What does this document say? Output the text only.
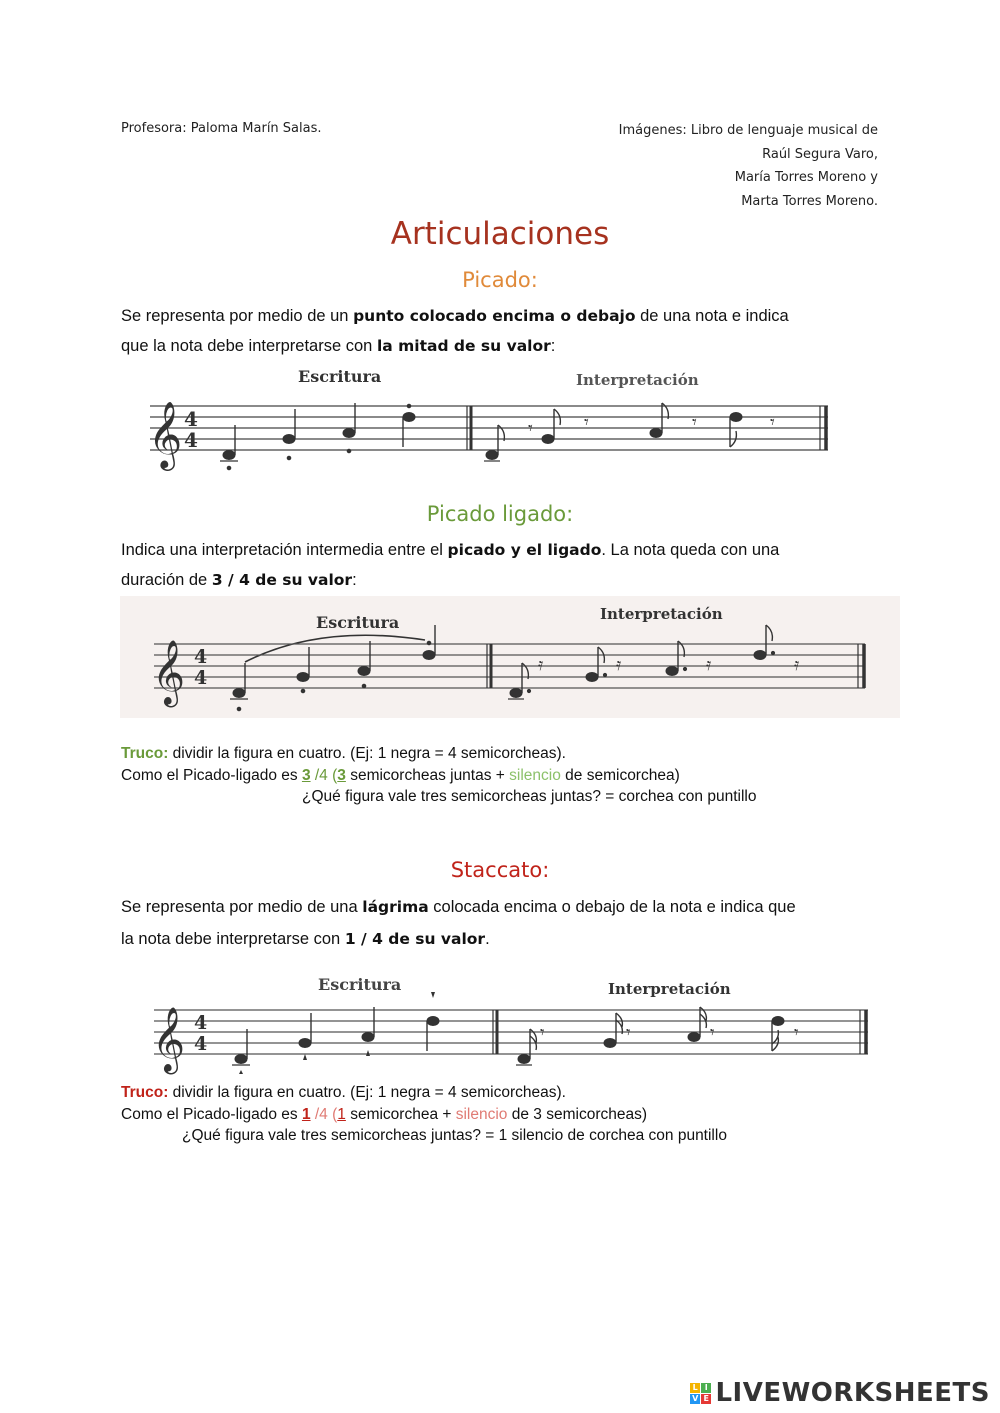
Profesora: Paloma Marín Salas.	Imágenes: Libro de lenguaje musical de
Raúl Segura Varo,
María Torres Moreno y
Marta Torres Moreno.
Articulaciones
Picado:
Se representa por medio de un punto colocado encima o debajo de una nota e indica
que la nota debe interpretarse con la mitad de su valor:
Escritura	Interpretación
𝄞 4
4	𝄾	𝄾	𝄾	𝄾
Picado ligado:
Indica una interpretación intermedia entre el picado y el ligado. La nota queda con una
duración de 3 / 4 de su valor:
Escritura	Interpretación
𝄞 4
4
𝄿	𝄿	𝄿	𝄿
Truco: dividir la figura en cuatro. (Ej: 1 negra = 4 semicorcheas).
Como el Picado-ligado es 3 /4 (3 semicorcheas juntas + silencio de semicorchea)
¿Qué figura vale tres semicorcheas juntas? = corchea con puntillo
Staccato:
Se representa por medio de una lágrima colocada encima o debajo de la nota e indica que
la nota debe interpretarse con 1 / 4 de su valor.
Escritura	Interpretación
𝄞 4
4	𝄾	𝄾	𝄾	𝄾
Truco: dividir la figura en cuatro. (Ej: 1 negra = 4 semicorcheas).
Como el Picado-ligado es 1 /4 (1 semicorchea + silencio de 3 semicorcheas)
¿Qué figura vale tres semicorcheas juntas? = 1 silencio de corchea con puntillo
L I
V E LIVEWORKSHEETS
